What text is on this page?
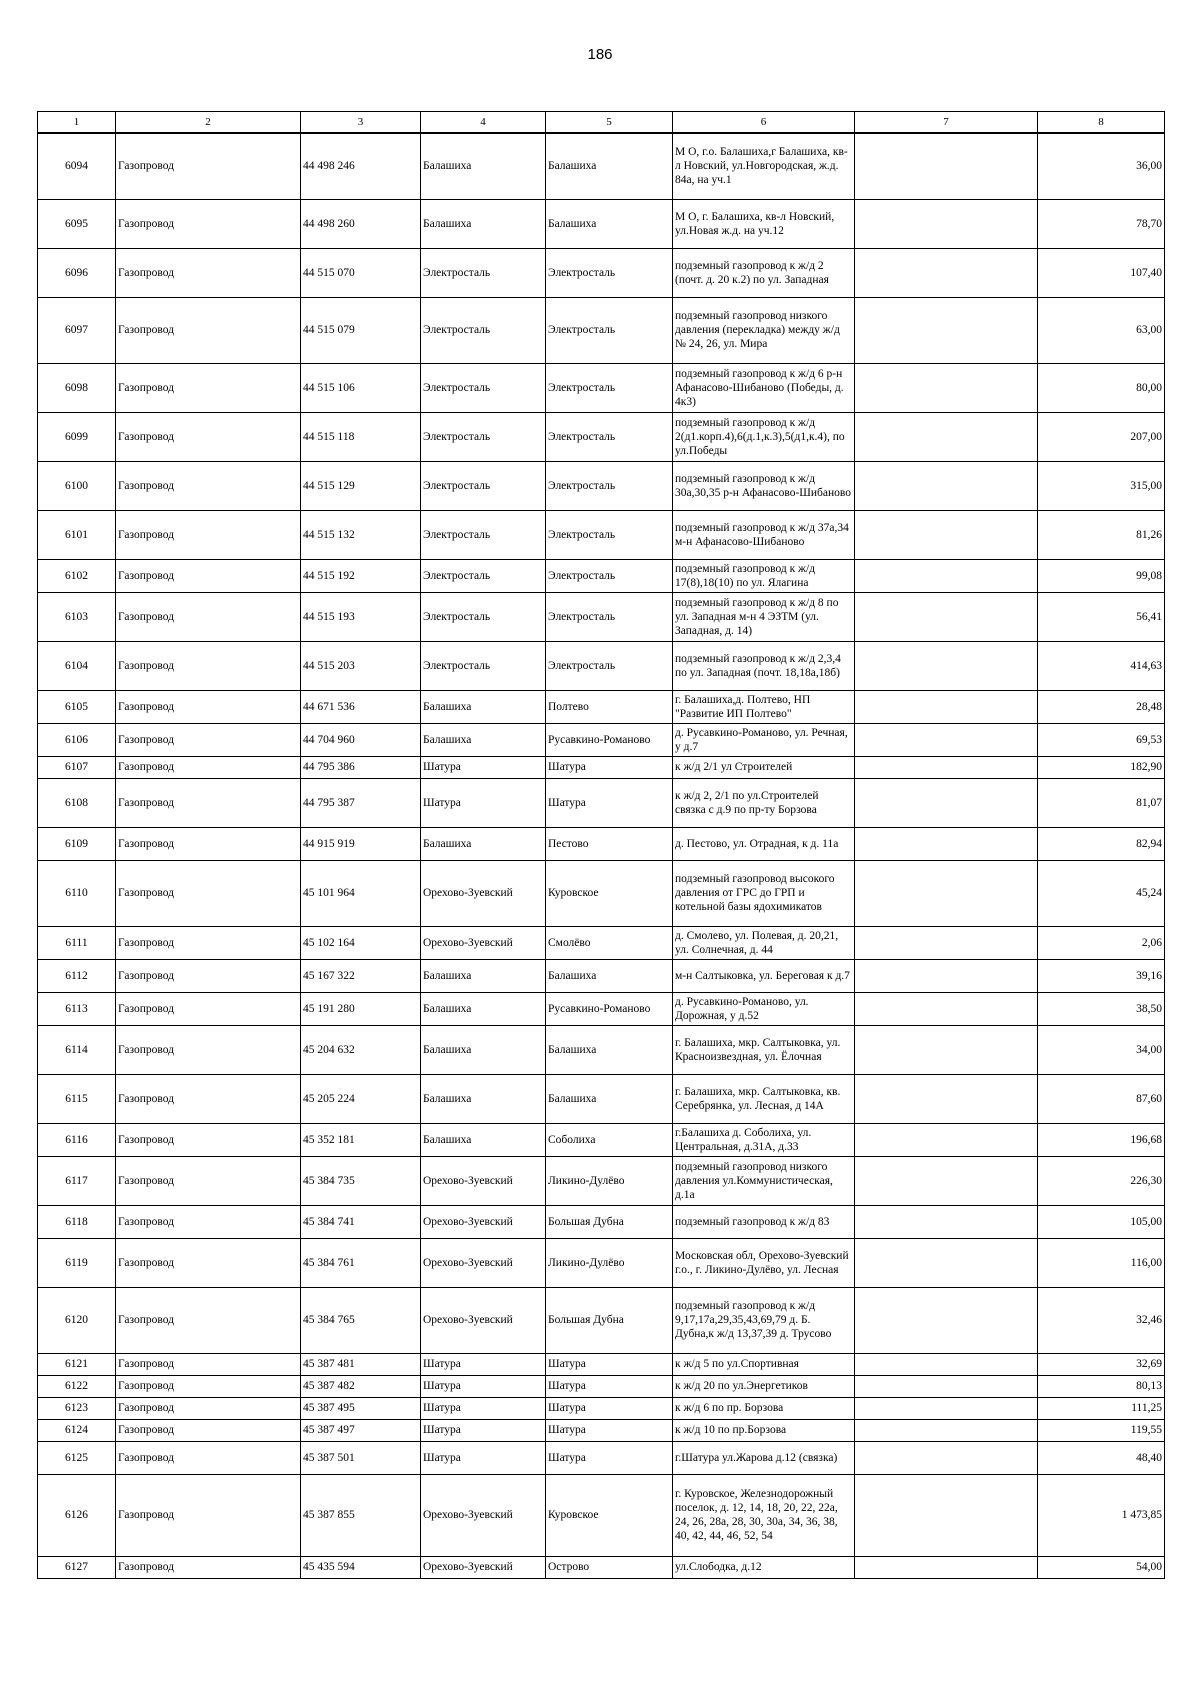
186
1	2	3	4	5	6	7	8
6094	Газопровод	44 498 246	Балашиха	Балашиха	М О, г.о. Балашиха,г Балашиха, кв-л Новский, ул.Новгородская, ж.д. 84а, на уч.1		36,00
6095	Газопровод	44 498 260	Балашиха	Балашиха	М О, г. Балашиха, кв-л Новский, ул.Новая ж.д. на уч.12		78,70
6096	Газопровод	44 515 070	Электросталь	Электросталь	подземный газопровод к ж/д 2 (почт. д. 20 к.2) по ул. Западная		107,40
6097	Газопровод	44 515 079	Электросталь	Электросталь	подземный газопровод низкого давления (перекладка) между ж/д № 24, 26, ул. Мира		63,00
6098	Газопровод	44 515 106	Электросталь	Электросталь	подземный газопровод к ж/д 6 р-н Афанасово-Шибаново (Победы, д. 4к3)		80,00
6099	Газопровод	44 515 118	Электросталь	Электросталь	подземный газопровод к ж/д 2(д1.корп.4),6(д.1,к.3),5(д1,к.4), по ул.Победы		207,00
6100	Газопровод	44 515 129	Электросталь	Электросталь	подземный газопровод к ж/д 30а,30,35 р-н Афанасово-Шибаново		315,00
6101	Газопровод	44 515 132	Электросталь	Электросталь	подземный газопровод к ж/д 37а,34 м-н Афанасово-Шибаново		81,26
6102	Газопровод	44 515 192	Электросталь	Электросталь	подземный газопровод к ж/д 17(8),18(10) по ул. Ялагина		99,08
6103	Газопровод	44 515 193	Электросталь	Электросталь	подземный газопровод к ж/д 8 по ул. Западная м-н 4 ЭЗТМ (ул. Западная, д. 14)		56,41
6104	Газопровод	44 515 203	Электросталь	Электросталь	подземный газопровод к ж/д 2,3,4 по ул. Западная (почт. 18,18а,18б)		414,63
6105	Газопровод	44 671 536	Балашиха	Полтево	г. Балашиха,д. Полтево, НП "Развитие ИП Полтево"		28,48
6106	Газопровод	44 704 960	Балашиха	Русавкино-Романово	д. Русавкино-Романово, ул. Речная, у д.7		69,53
6107	Газопровод	44 795 386	Шатура	Шатура	к ж/д 2/1 ул Строителей		182,90
6108	Газопровод	44 795 387	Шатура	Шатура	к ж/д 2, 2/1 по ул.Строителей связка с д.9 по пр-ту Борзова		81,07
6109	Газопровод	44 915 919	Балашиха	Пестово	д. Пестово, ул. Отрадная, к д. 11а		82,94
6110	Газопровод	45 101 964	Орехово-Зуевский	Куровское	подземный газопровод высокого давления от ГРС до ГРП и котельной базы ядохимикатов		45,24
6111	Газопровод	45 102 164	Орехово-Зуевский	Смолёво	д. Смолево, ул. Полевая, д. 20,21, ул. Солнечная, д. 44		2,06
6112	Газопровод	45 167 322	Балашиха	Балашиха	м-н Салтыковка, ул. Береговая к д.7		39,16
6113	Газопровод	45 191 280	Балашиха	Русавкино-Романово	д. Русавкино-Романово, ул. Дорожная, у д.52		38,50
6114	Газопровод	45 204 632	Балашиха	Балашиха	г. Балашиха, мкр. Салтыковка, ул. Красноизвездная, ул. Ёлочная		34,00
6115	Газопровод	45 205 224	Балашиха	Балашиха	г. Балашиха, мкр. Салтыковка, кв. Серебрянка, ул. Лесная, д 14А		87,60
6116	Газопровод	45 352 181	Балашиха	Соболиха	г.Балашиха д. Соболиха, ул. Центральная, д.31А, д.33		196,68
6117	Газопровод	45 384 735	Орехово-Зуевский	Ликино-Дулёво	подземный газопровод низкого давления ул.Коммунистическая, д.1а		226,30
6118	Газопровод	45 384 741	Орехово-Зуевский	Большая Дубна	подземный газопровод к ж/д 83		105,00
6119	Газопровод	45 384 761	Орехово-Зуевский	Ликино-Дулёво	Московская обл, Орехово-Зуевский г.о., г. Ликино-Дулёво, ул. Лесная		116,00
6120	Газопровод	45 384 765	Орехово-Зуевский	Большая Дубна	подземный газопровод к ж/д 9,17,17а,29,35,43,69,79 д. Б. Дубна,к ж/д 13,37,39 д. Трусово		32,46
6121	Газопровод	45 387 481	Шатура	Шатура	к ж/д 5 по ул.Спортивная		32,69
6122	Газопровод	45 387 482	Шатура	Шатура	к ж/д 20 по ул.Энергетиков		80,13
6123	Газопровод	45 387 495	Шатура	Шатура	к ж/д 6 по пр. Борзова		111,25
6124	Газопровод	45 387 497	Шатура	Шатура	к ж/д 10 по пр.Борзова		119,55
6125	Газопровод	45 387 501	Шатура	Шатура	г.Шатура ул.Жарова д.12 (связка)		48,40
6126	Газопровод	45 387 855	Орехово-Зуевский	Куровское	г. Куровское, Железнодорожный поселок, д. 12, 14, 18, 20, 22, 22а, 24, 26, 28а, 28, 30, 30а, 34, 36, 38, 40, 42, 44, 46, 52, 54		1 473,85
6127	Газопровод	45 435 594	Орехово-Зуевский	Острово	ул.Слободка, д.12		54,00
